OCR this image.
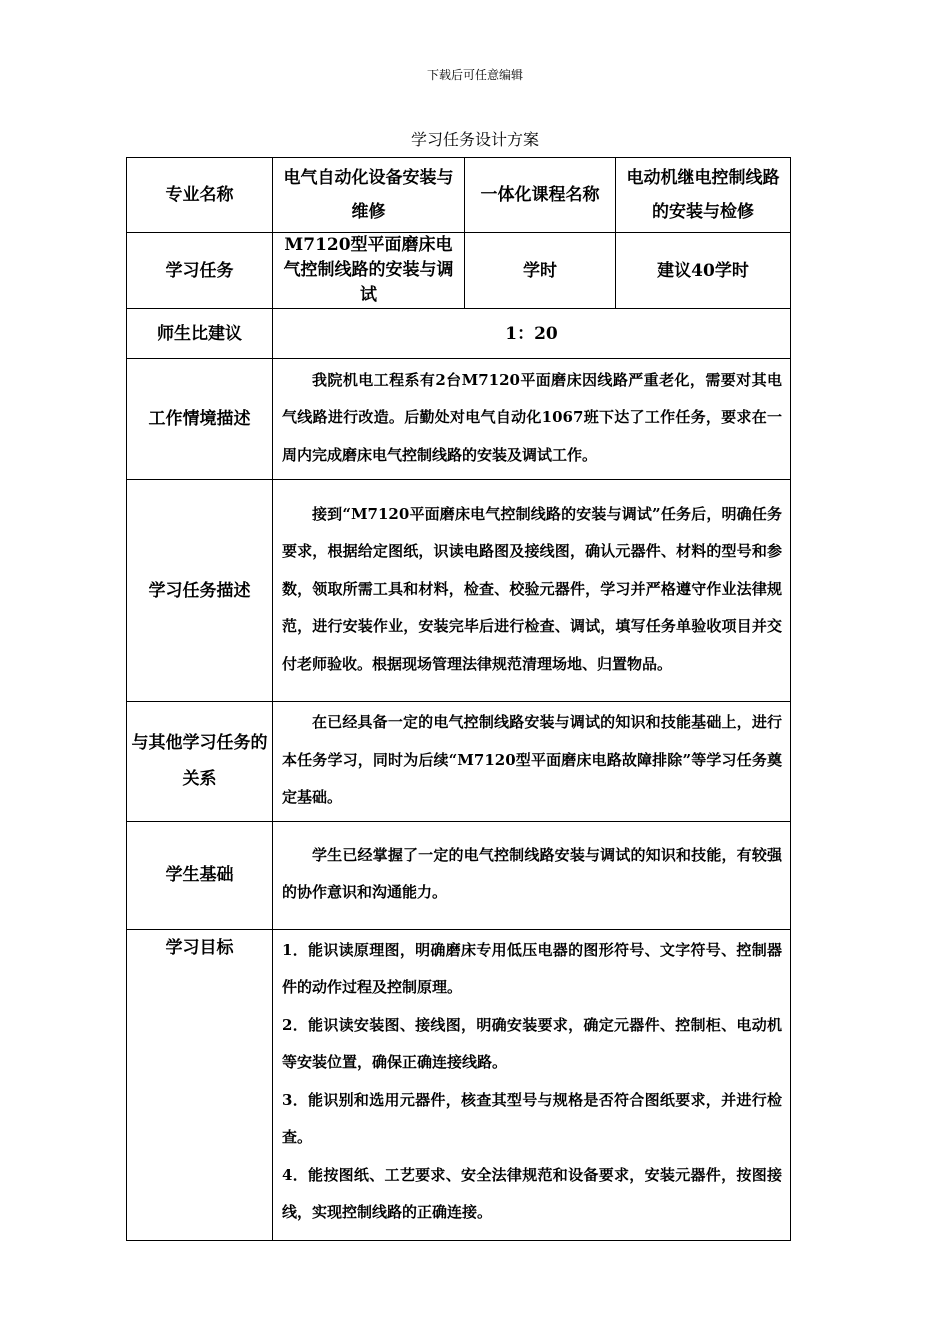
下载后可任意编辑
学习任务设计方案
专业名称	电气自动化设备安装与维修	一体化课程名称	电动机继电控制线路的安装与检修
学习任务	M7120型平面磨床电气控制线路的安装与调试	学时	建议40学时
师生比建议	1：20		
工作情境描述	我院机电工程系有2台M7120平面磨床因线路严重老化，需要对其电气线路进行改造。后勤处对电气自动化1067班下达了工作任务，要求在一周内完成磨床电气控制线路的安装及调试工作。		
学习任务描述	接到“M7120平面磨床电气控制线路的安装与调试”任务后，明确任务要求，根据给定图纸，识读电路图及接线图，确认元器件、材料的型号和参数，领取所需工具和材料，检查、校验元器件，学习并严格遵守作业法律规范，进行安装作业，安装完毕后进行检查、调试，填写任务单验收项目并交付老师验收。根据现场管理法律规范清理场地、归置物品。		
与其他学习任务的关系	在已经具备一定的电气控制线路安装与调试的知识和技能基础上，进行本任务学习，同时为后续“M7120型平面磨床电路故障排除”等学习任务奠定基础。		
学生基础	学生已经掌握了一定的电气控制线路安装与调试的知识和技能，有较强的协作意识和沟通能力。		
学习目标	1．能识读原理图，明确磨床专用低压电器的图形符号、文字符号、控制器件的动作过程及控制原理。

2．能识读安装图、接线图，明确安装要求，确定元器件、控制柜、电动机等安装位置，确保正确连接线路。

3．能识别和选用元器件，核查其型号与规格是否符合图纸要求，并进行检查。

4．能按图纸、工艺要求、安全法律规范和设备要求，安装元器件，按图接线，实现控制线路的正确连接。		
